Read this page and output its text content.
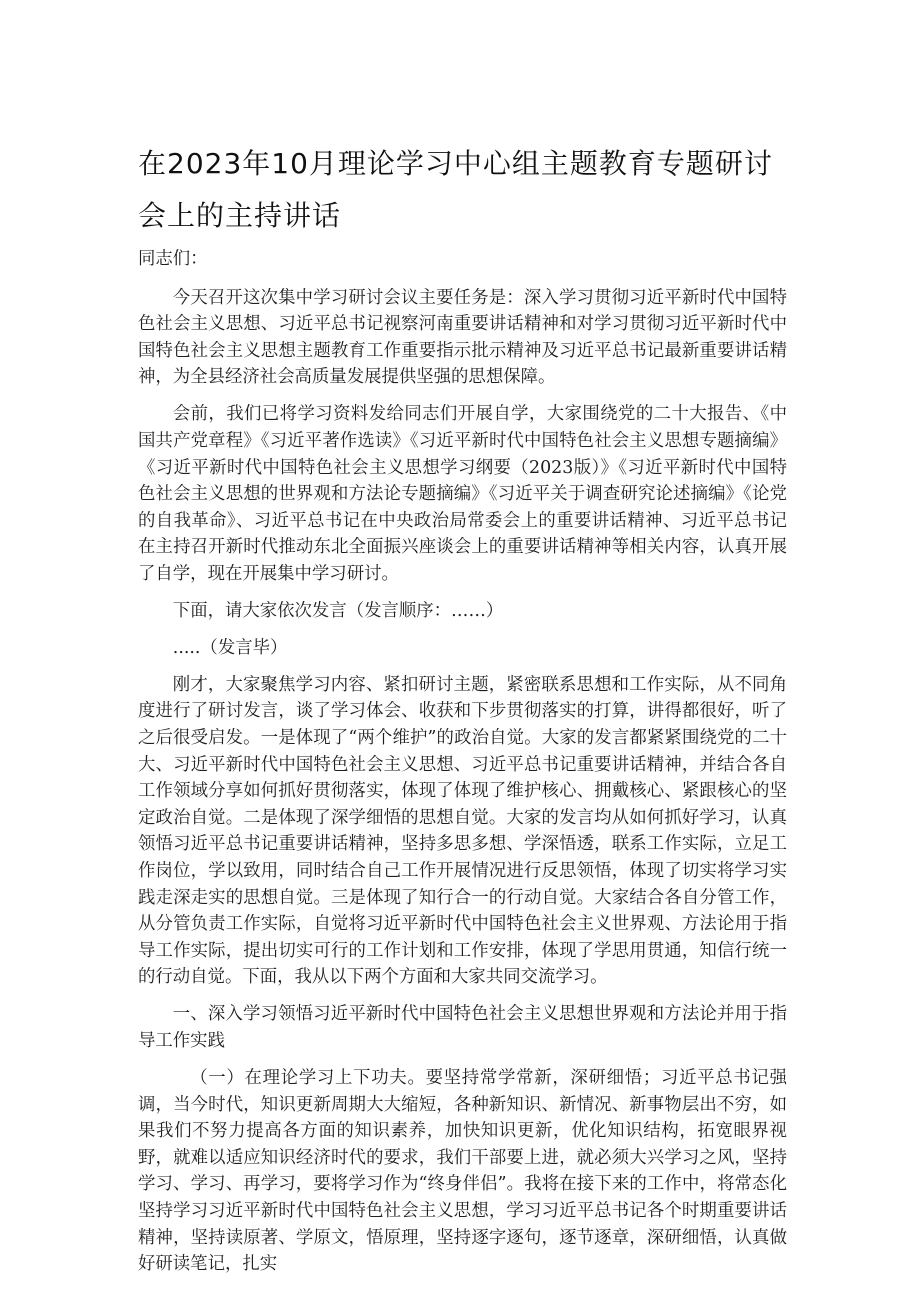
在2023年10月理论学习中心组主题教育专题研讨会上的主持讲话

同志们：

今天召开这次集中学习研讨会议主要任务是：深入学习贯彻习近平新时代中国特色社会主义思想、习近平总书记视察河南重要讲话精神和对学习贯彻习近平新时代中国特色社会主义思想主题教育工作重要指示批示精神及习近平总书记最新重要讲话精神，为全县经济社会高质量发展提供坚强的思想保障。

会前，我们已将学习资料发给同志们开展自学，大家围绕党的二十大报告、《中国共产党章程》《习近平著作选读》《习近平新时代中国特色社会主义思想专题摘编》《习近平新时代中国特色社会主义思想学习纲要（2023版）》《习近平新时代中国特色社会主义思想的世界观和方法论专题摘编》《习近平关于调查研究论述摘编》《论党的自我革命》、习近平总书记在中央政治局常委会上的重要讲话精神、习近平总书记在主持召开新时代推动东北全面振兴座谈会上的重要讲话精神等相关内容，认真开展了自学，现在开展集中学习研讨。

下面，请大家依次发言（发言顺序：……）

.....（发言毕）

刚才，大家聚焦学习内容、紧扣研讨主题，紧密联系思想和工作实际，从不同角度进行了研讨发言，谈了学习体会、收获和下步贯彻落实的打算，讲得都很好，听了之后很受启发。一是体现了“两个维护”的政治自觉。大家的发言都紧紧围绕党的二十大、习近平新时代中国特色社会主义思想、习近平总书记重要讲话精神，并结合各自工作领域分享如何抓好贯彻落实，体现了体现了维护核心、拥戴核心、紧跟核心的坚定政治自觉。二是体现了深学细悟的思想自觉。大家的发言均从如何抓好学习，认真领悟习近平总书记重要讲话精神，坚持多思多想、学深悟透，联系工作实际，立足工作岗位，学以致用，同时结合自己工作开展情况进行反思领悟，体现了切实将学习实践走深走实的思想自觉。三是体现了知行合一的行动自觉。大家结合各自分管工作，从分管负责工作实际，自觉将习近平新时代中国特色社会主义世界观、方法论用于指导工作实际，提出切实可行的工作计划和工作安排，体现了学思用贯通，知信行统一的行动自觉。下面，我从以下两个方面和大家共同交流学习。

一、深入学习领悟习近平新时代中国特色社会主义思想世界观和方法论并用于指导工作实践

（一）在理论学习上下功夫。要坚持常学常新，深研细悟；习近平总书记强调，当今时代，知识更新周期大大缩短，各种新知识、新情况、新事物层出不穷，如果我们不努力提高各方面的知识素养，加快知识更新，优化知识结构，拓宽眼界视野，就难以适应知识经济时代的要求，我们干部要上进，就必须大兴学习之风，坚持学习、学习、再学习，要将学习作为“终身伴侣”。我将在接下来的工作中，将常态化坚持学习习近平新时代中国特色社会主义思想，学习习近平总书记各个时期重要讲话精神，坚持读原著、学原文，悟原理，坚持逐字逐句，逐节逐章，深研细悟，认真做好研读笔记，扎实
